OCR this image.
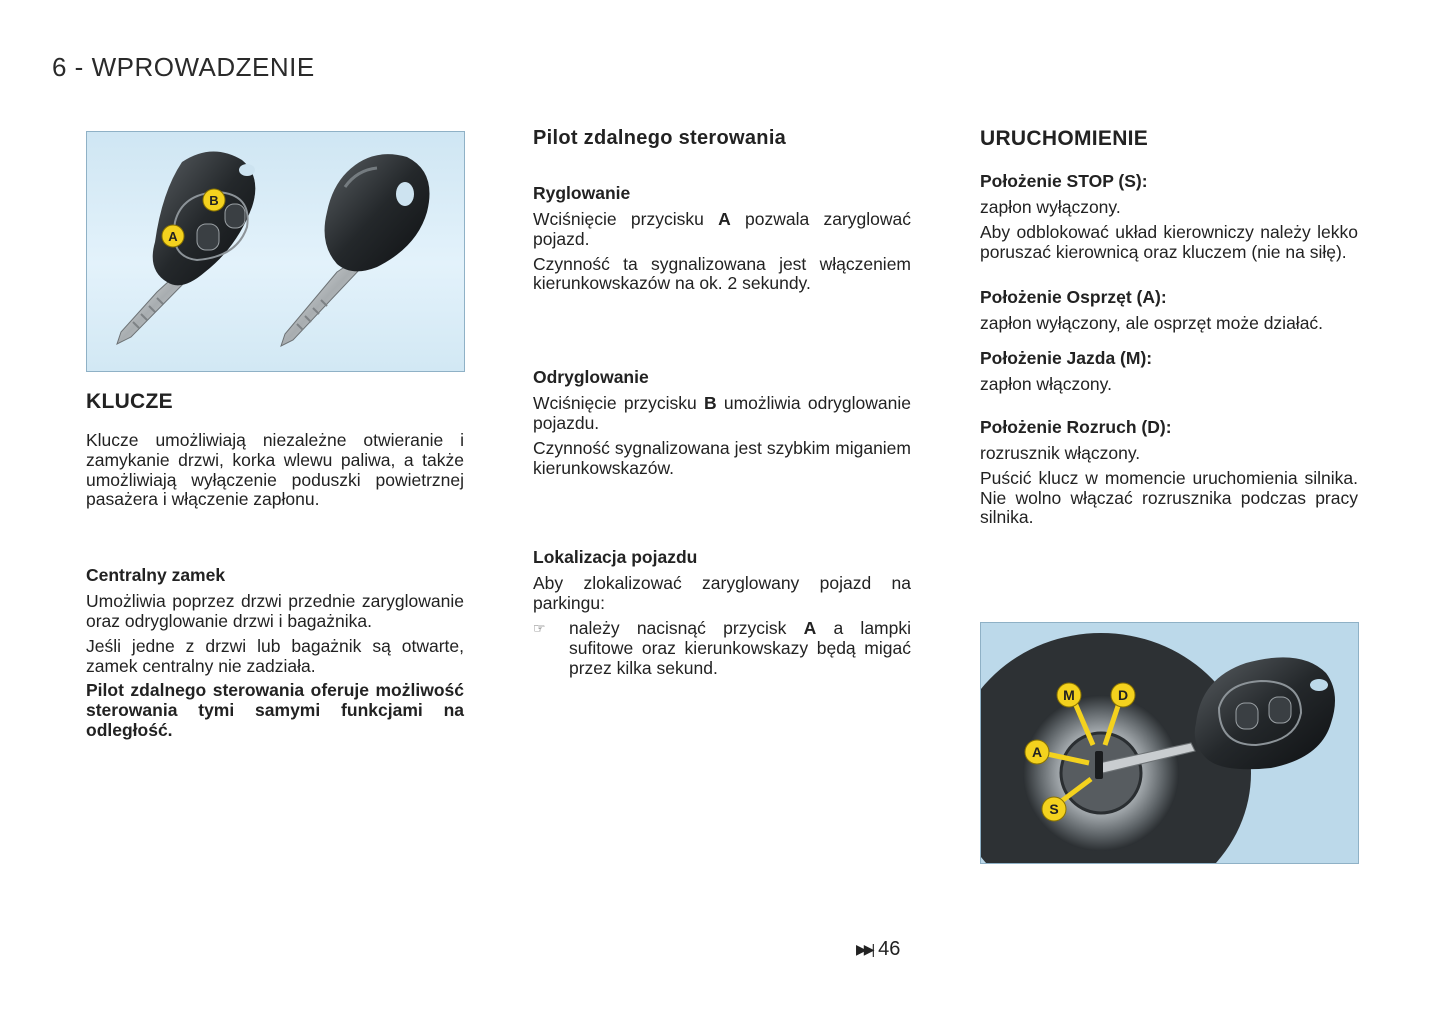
6 - WPROWADZENIE
B
A
KLUCZE

Klucze umożliwiają niezależne otwieranie i zamykanie drzwi, korka wlewu paliwa, a także umożliwiają wyłączenie poduszki powietrznej pasażera i włączenie zapłonu.

Centralny zamek

Umożliwia poprzez drzwi przednie zaryglowanie oraz odryglowanie drzwi i bagażnika.

Jeśli jedne z drzwi lub bagażnik są otwarte, zamek centralny nie zadziała.

Pilot zdalnego sterowania oferuje możliwość sterowania tymi samymi funkcjami na odległość.

Pilot zdalnego sterowania
Ryglowanie

Wciśnięcie przycisku A pozwala zaryglować pojazd.

Czynność ta sygnalizowana jest włączeniem kierunkowskazów na ok. 2 sekundy.

Odryglowanie

Wciśnięcie przycisku B umożliwia odryglowanie pojazdu.

Czynność sygnalizowana jest szybkim miganiem kierunkowskazów.

Lokalizacja pojazdu

Aby zlokalizować zaryglowany pojazd na parkingu:

☞	należy nacisnąć przycisk A a lampki sufitowe oraz kierunkowskazy będą migać przez kilka sekund.

URUCHOMIENIE
Położenie STOP (S):

zapłon wyłączony.

Aby odblokować układ kierowniczy należy lekko poruszać kierownicą oraz kluczem (nie na siłę).

Położenie Osprzęt (A):

zapłon wyłączony, ale osprzęt może działać.

Położenie Jazda (M):

zapłon włączony.

Położenie Rozruch (D):

rozrusznik włączony.

Puścić klucz w momencie uruchomienia silnika. Nie wolno włączać rozrusznika podczas pracy silnika.

M	D
A
S
▶▶| 46
